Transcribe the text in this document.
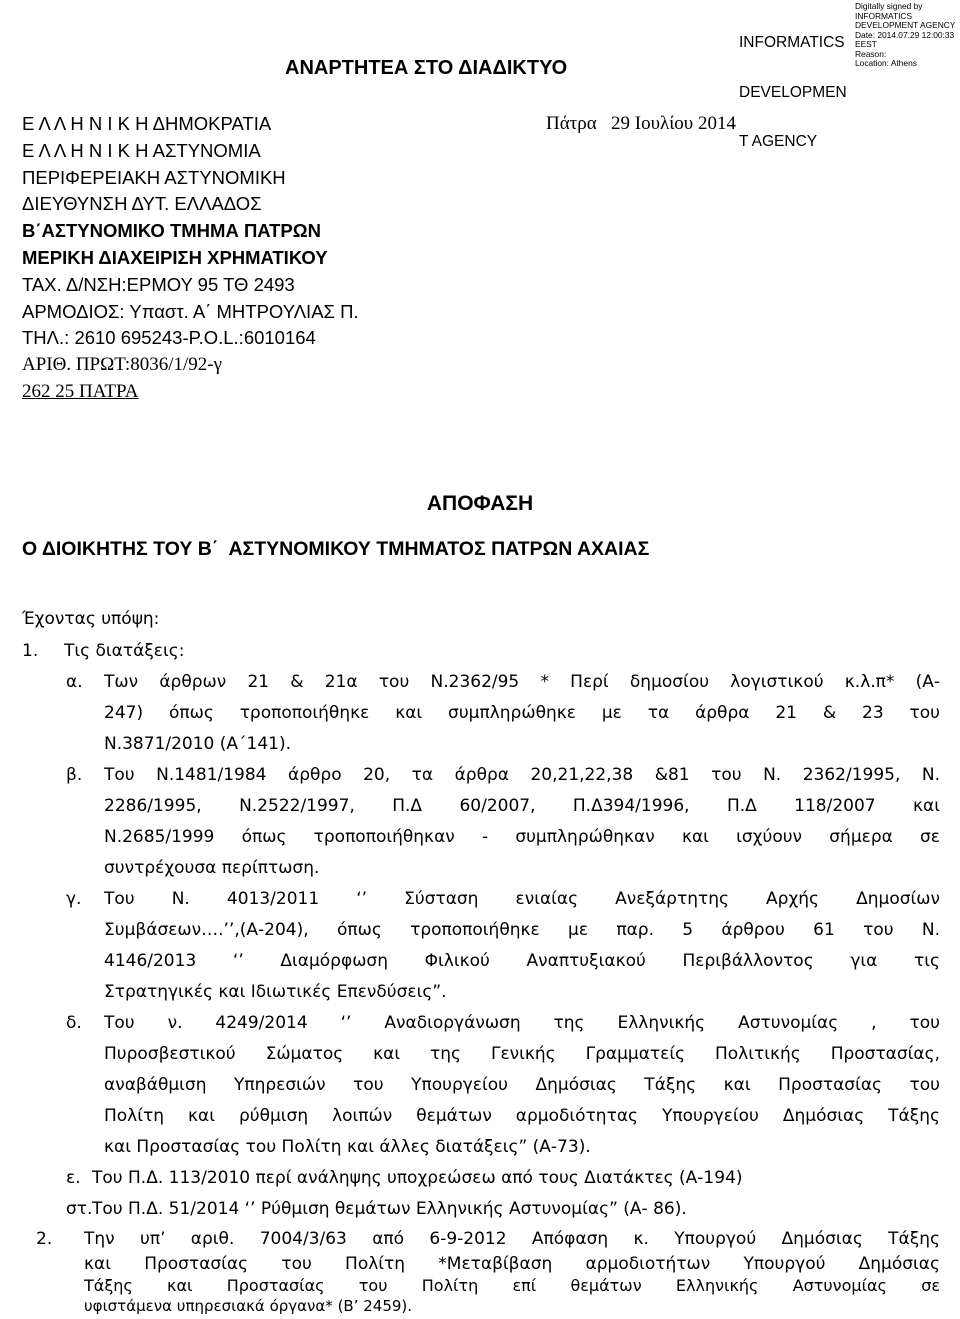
INFORMATICS

DEVELOPMEN

T AGENCY

Digitally signed by
INFORMATICS
DEVELOPMENT AGENCY
Date: 2014.07.29 12:00:33
EEST
Reason:
Location: Athens
ΑΝΑΡΤΗΤΕΑ ΣΤΟ ΔΙΑΔΙΚΤΥΟ
Πάτρα   29 Ιουλίου 2014
Ε Λ Λ Η Ν Ι Κ Η ΔΗΜΟΚΡΑΤΙΑ
Ε Λ Λ Η Ν Ι Κ Η ΑΣΤΥΝΟΜΙΑ
ΠΕΡΙΦΕΡΕΙΑΚΗ ΑΣΤΥΝΟΜΙΚΗ
ΔΙΕΥΘΥΝΣΗ ΔΥΤ. ΕΛΛΑΔΟΣ
Β΄ΑΣΤΥΝΟΜΙΚΟ ΤΜΗΜΑ ΠΑΤΡΩΝ
ΜΕΡΙΚΗ ΔΙΑΧΕΙΡΙΣΗ ΧΡΗΜΑΤΙΚΟΥ
ΤΑΧ. Δ/ΝΣΗ:ΕΡΜΟΥ 95 ΤΘ 2493
ΑΡΜΟΔΙΟΣ: Υπαστ. Α΄ ΜΗΤΡΟΥΛΙΑΣ Π.
ΤΗΛ.: 2610 695243-P.O.L.:6010164
ΑΡΙΘ. ΠΡΩΤ:8036/1/92-γ
262 25 ΠΑΤΡΑ
ΑΠΟΦΑΣΗ
Ο ΔΙΟΙΚΗΤΗΣ ΤΟΥ Β΄  ΑΣΤΥΝΟΜΙΚΟΥ ΤΜΗΜΑΤΟΣ ΠΑΤΡΩΝ ΑΧΑΙΑΣ
Έχοντας υπόψη:
1. Τις διατάξεις:
α. Των άρθρων 21 & 21α του Ν.2362/95 * Περί δημοσίου λογιστικού κ.λ.π* (Α-
247) όπως τροποποιήθηκε και συμπληρώθηκε με τα άρθρα 21 & 23 του
Ν.3871/2010 (Α΄141).
β. Του Ν.1481/1984 άρθρο 20, τα άρθρα 20,21,22,38 &81 του Ν. 2362/1995, Ν.
2286/1995, Ν.2522/1997, Π.Δ 60/2007, Π.Δ394/1996, Π.Δ 118/2007 και
Ν.2685/1999 όπως τροποποιήθηκαν - συμπληρώθηκαν και ισχύουν σήμερα σε
συντρέχουσα περίπτωση.
γ. Του Ν. 4013/2011 ‘’ Σύσταση ενιαίας Ανεξάρτητης Αρχής Δημοσίων
Συμβάσεων….’’,(Α-204), όπως τροποποιήθηκε με παρ. 5 άρθρου 61 του Ν.
4146/2013 ‘’ Διαμόρφωση Φιλικού Αναπτυξιακού Περιβάλλοντος για τις
Στρατηγικές και Ιδιωτικές Επενδύσεις”.
δ. Του ν. 4249/2014 ‘’ Αναδιοργάνωση της Ελληνικής Αστυνομίας , του
Πυροσβεστικού Σώματος και της Γενικής Γραμματείς Πολιτικής Προστασίας,
αναβάθμιση Υπηρεσιών του Υπουργείου Δημόσιας Τάξης και Προστασίας του
Πολίτη και ρύθμιση λοιπών θεμάτων αρμοδιότητας Υπουργείου Δημόσιας Τάξης
και Προστασίας του Πολίτη και άλλες διατάξεις” (Α-73).
ε. Του Π.Δ. 113/2010 περί ανάληψης υποχρεώσεω από τους Διατάκτες (Α-194)
στ. Του Π.Δ. 51/2014 ‘’ Ρύθμιση θεμάτων Ελληνικής Αστυνομίας” (Α- 86).
2. Την υπ’ αριθ. 7004/3/63 από 6-9-2012 Απόφαση κ. Υπουργού Δημόσιας Τάξης
και Προστασίας του Πολίτη *Μεταβίβαση αρμοδιοτήτων Υπουργού Δημόσιας
Τάξης και Προστασίας του Πολίτη επί θεμάτων Ελληνικής Αστυνομίας σε
υφιστάμενα υπηρεσιακά όργανα* (Β’ 2459).
